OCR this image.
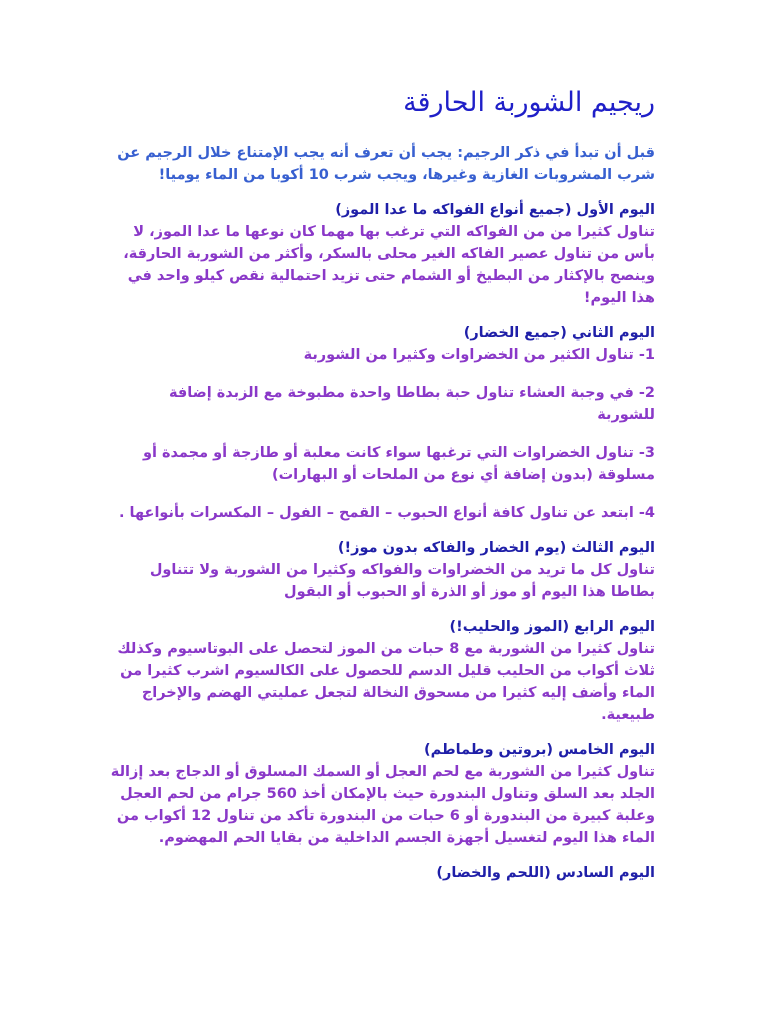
ريجيم الشوربة الحارقة

قبل أن تبدأ في ذكر الرجيم: يجب أن تعرف أنه يجب الإمتناع خلال الرجيم عن شرب المشروبات الغازية وغيرها، ويجب شرب 10 أكوبا من الماء يوميا!

اليوم الأول (جميع أنواع الفواكه ما عدا الموز)

تناول كثيرا من من الفواكه التي ترغب بها مهما كان نوعها ما عدا الموز، لا بأس من تناول عصير الفاكه الغير محلى بالسكر، وأكثر من الشوربة الحارقة، وينصح بالإكثار من البطيخ أو الشمام حتى تزيد احتمالية نقص كيلو واحد في هذا اليوم!

اليوم الثاني (جميع الخضار)

1- تناول الكثير من الخضراوات وكثيرا من الشوربة

2- في وجبة العشاء تناول حبة بطاطا واحدة مطبوخة مع الزبدة إضافة للشوربة

3- تناول الخضراوات التي ترغبها سواء كانت معلبة أو طازجة أو مجمدة أو مسلوقة (بدون إضافة أي نوع من الملحات أو البهارات)

4- ابتعد عن تناول كافة أنواع الحبوب – القمح – الفول – المكسرات بأنواعها .

اليوم الثالث (يوم الخضار والفاكه بدون موز!)

تناول كل ما تريد من الخضراوات والفواكه وكثيرا من الشوربة ولا تتناول بطاطا هذا اليوم أو موز أو الذرة أو الحبوب أو البقول

اليوم الرابع (الموز والحليب!)

تناول كثيرا من الشوربة مع 8 حبات من الموز لتحصل على البوتاسيوم وكذلك ثلاث أكواب من الحليب قليل الدسم للحصول على الكالسيوم اشرب كثيرا من الماء وأضف إليه كثيرا من مسحوق النخالة لتجعل عمليتي الهضم والإخراج طبيعية.

اليوم الخامس (بروتين وطماطم)

تناول كثيرا من الشوربة مع لحم العجل أو السمك المسلوق أو الدجاج بعد إزالة الجلد بعد السلق وتناول البندورة حيث بالإمكان أخذ 560 جرام من لحم العجل وعلبة كبيرة من البندورة أو 6 حبات من البندورة تأكد من تناول 12 أكواب من الماء هذا اليوم لتغسيل أجهزة الجسم الداخلية من بقايا الحم المهضوم.

اليوم السادس (اللحم والخضار)
